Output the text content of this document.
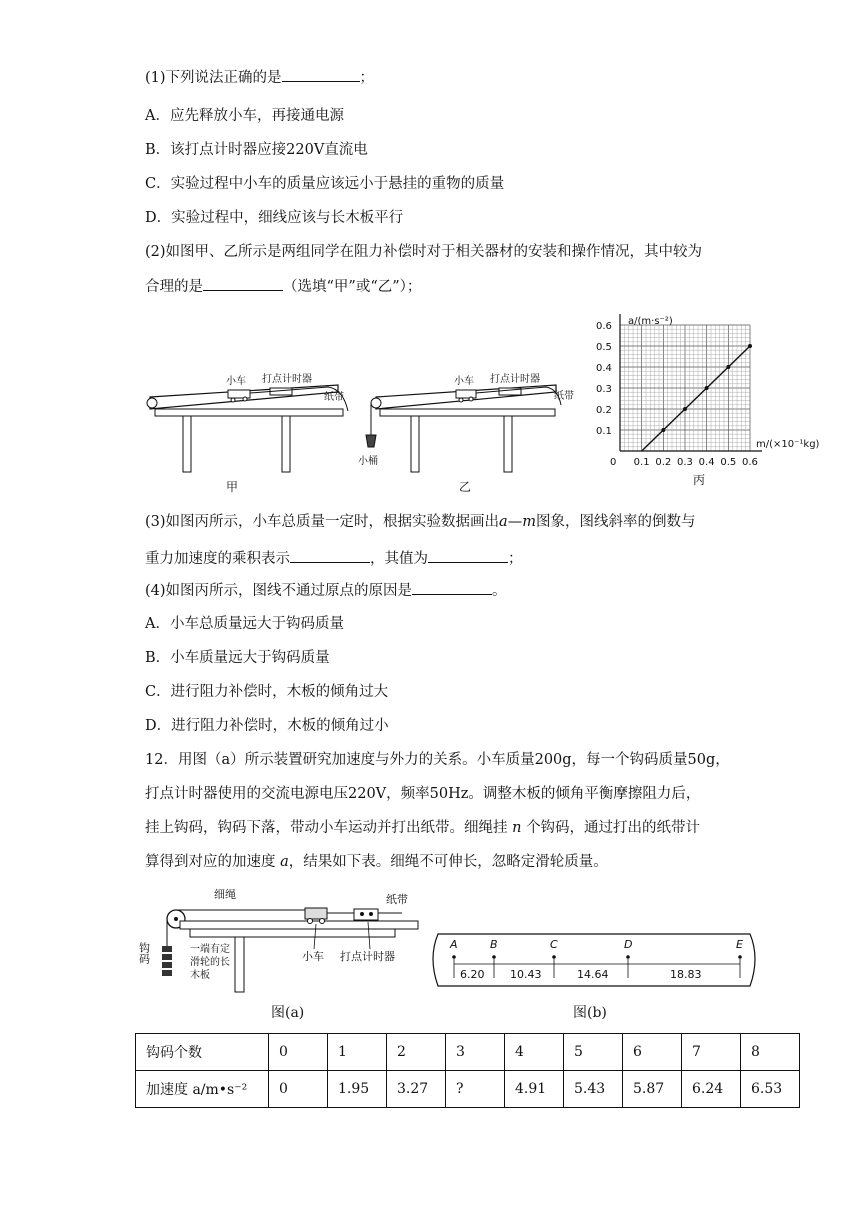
(1)下列说法正确的是	；
A．应先释放小车，再接通电源
B．该打点计时器应接220V直流电
C．实验过程中小车的质量应该远小于悬挂的重物的质量
D．实验过程中，细线应该与长木板平行
(2)如图甲、乙所示是两组同学在阻力补偿时对于相关器材的安装和操作情况，其中较为
合理的是	（选填“甲”或“乙”）；
小车 打点计时器
纸带
甲
小车 打点计时器
纸带
小桶
乙
0 0.1 0.2 0.3 0.4 0.5 0.6
0.1
0.2
0.3
0.4
0.5
0.6 a/(m·s⁻²)
m/(×10⁻¹kg)
丙
(3)如图丙所示，小车总质量一定时，根据实验数据画出a—m图象，图线斜率的倒数与
重力加速度的乘积表示	，其值为	；
(4)如图丙所示，图线不通过原点的原因是	。
A．小车总质量远大于钩码质量
B．小车质量远大于钩码质量
C．进行阻力补偿时，木板的倾角过大
D．进行阻力补偿时，木板的倾角过小
12．用图（a）所示装置研究加速度与外力的关系。小车质量200g，每一个钩码质量50g，
打点计时器使用的交流电源电压220V，频率50Hz。调整木板的倾角平衡摩擦阻力后，
挂上钩码，钩码下落，带动小车运动并打出纸带。细绳挂 n 个钩码，通过打出的纸带计
算得到对应的加速度 a，结果如下表。细绳不可伸长，忽略定滑轮质量。
细绳	纸带
钩码	一端有定
滑轮的长
木板
小车 打点计时器
图(a)
A	B	C	D	E
6.20 10.43	14.64	18.83
图(b)
钩码个数	0	1	2	3	4	5	6	7	8
加速度 a/m•s⁻²	0	1.95	3.27	?	4.91	5.43	5.87	6.24	6.53
